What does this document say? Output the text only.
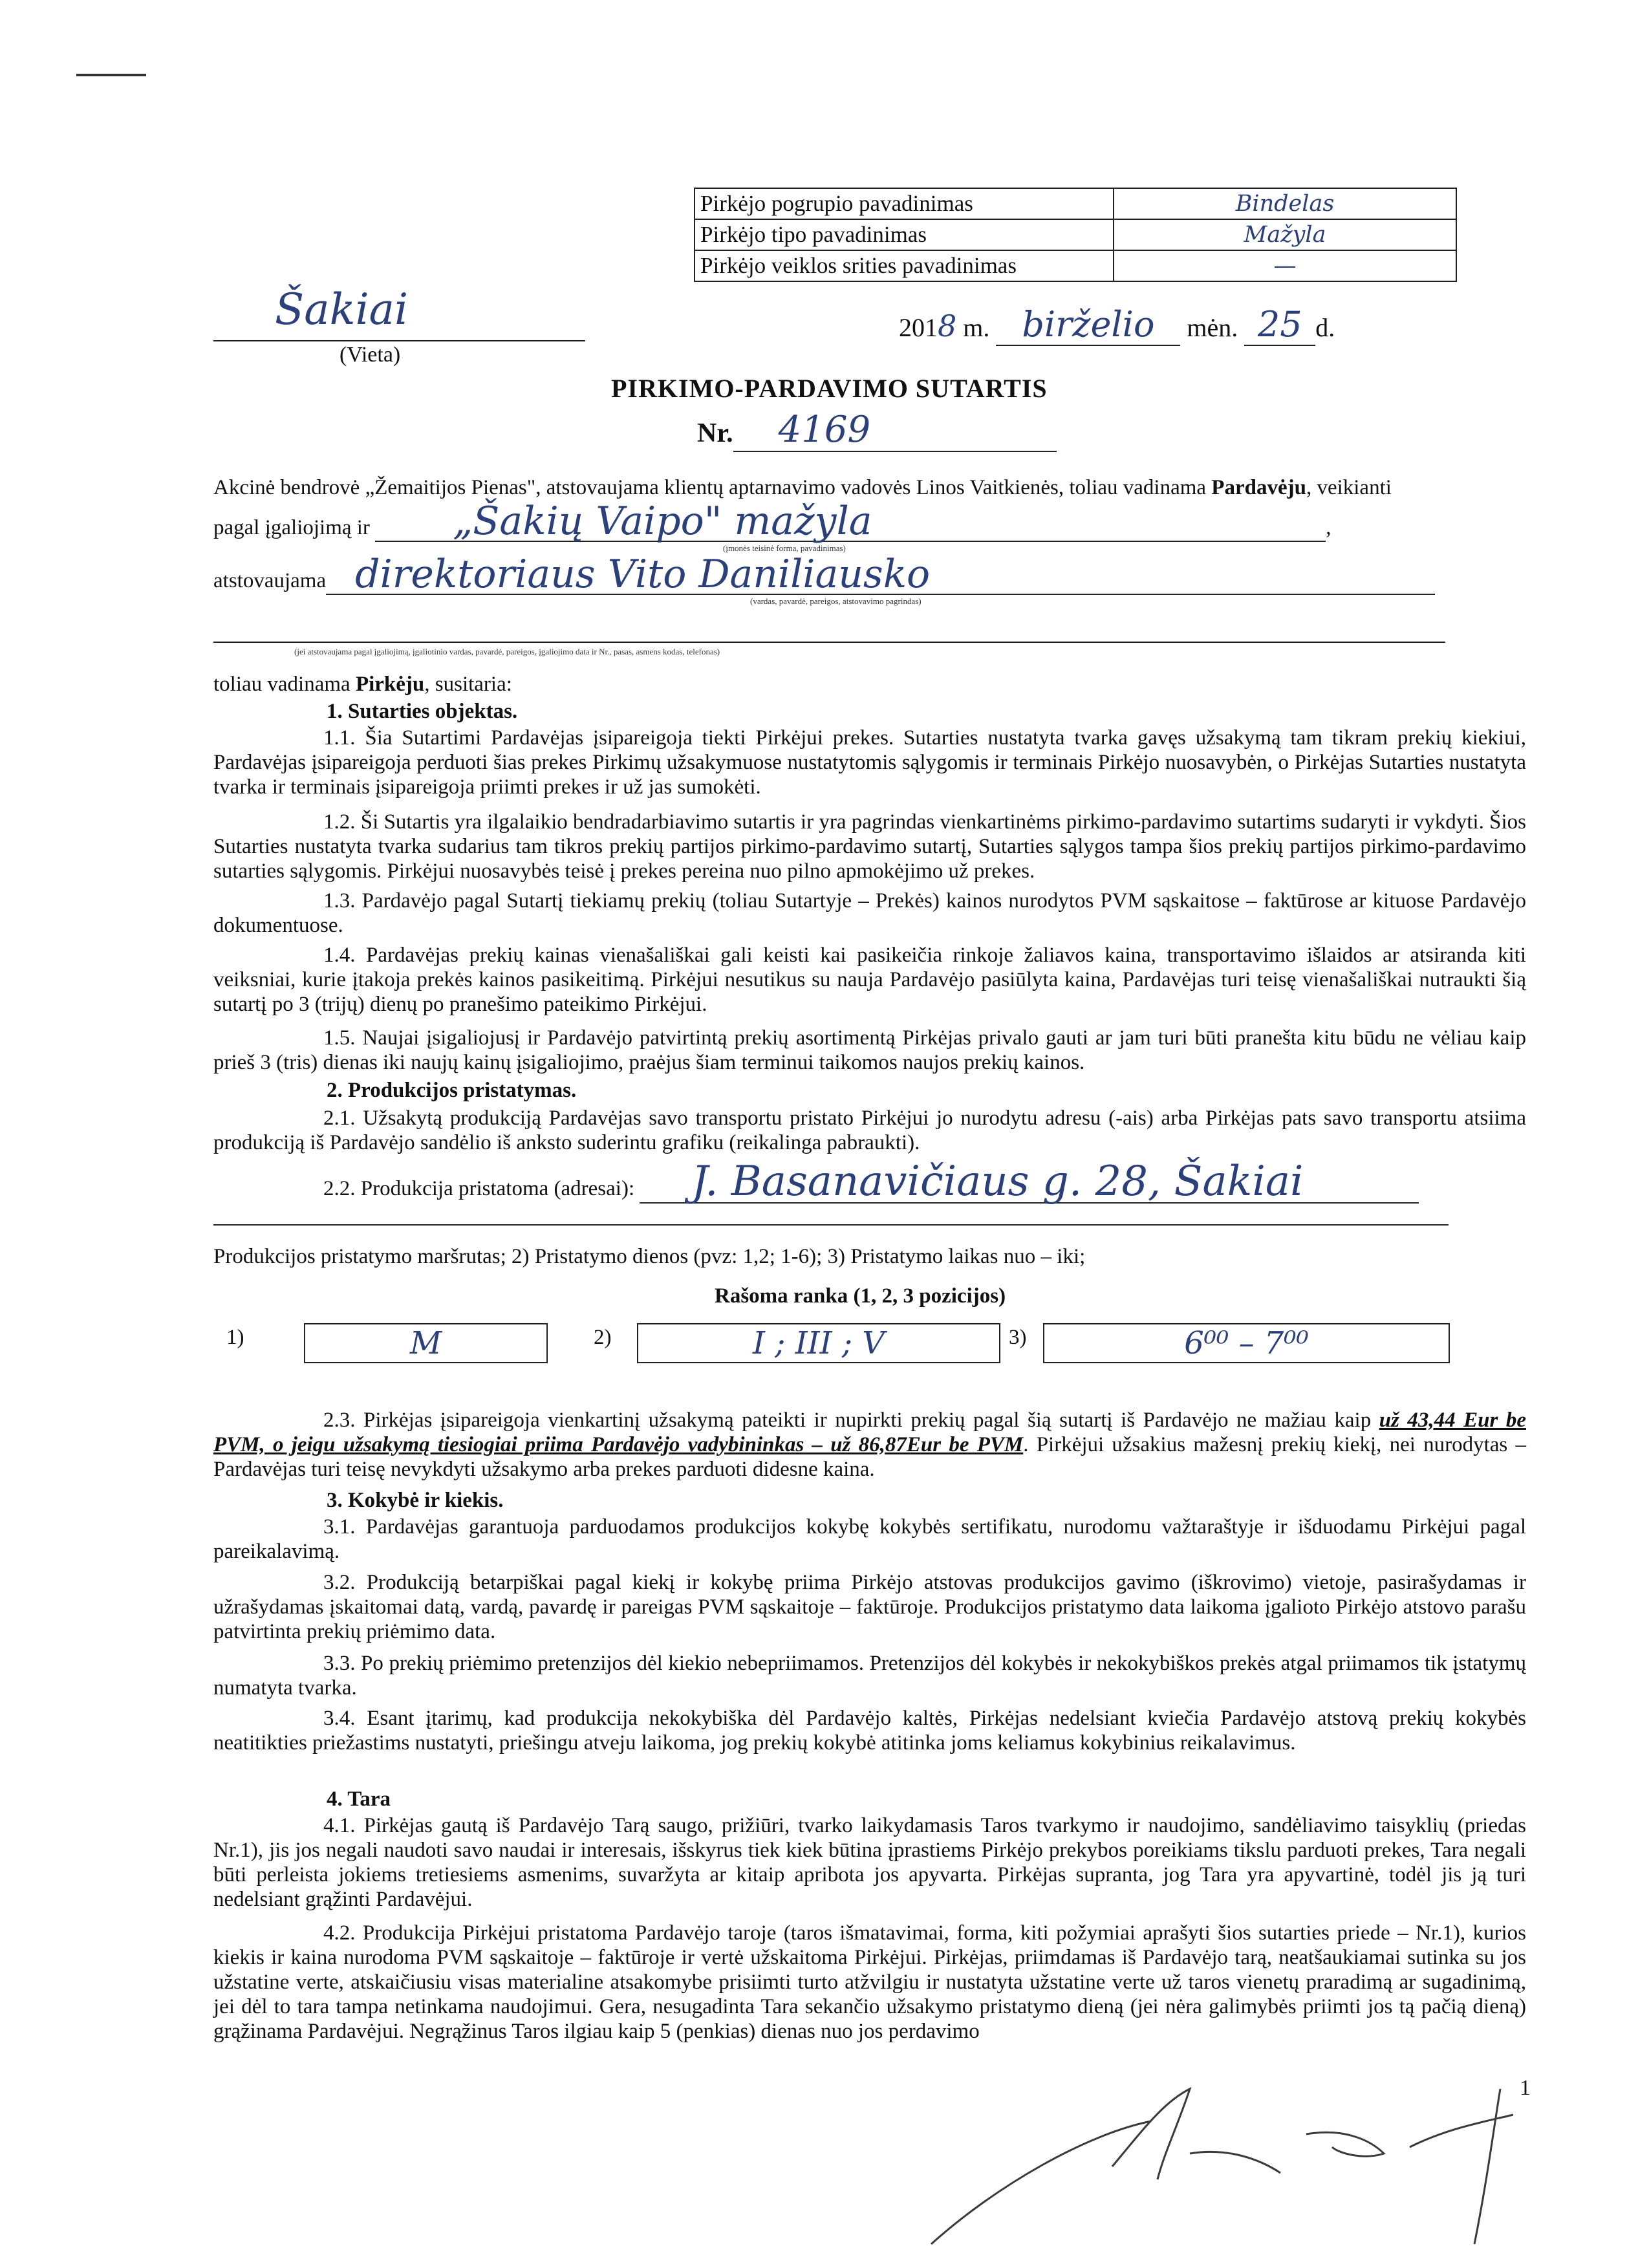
Pirkėjo pogrupio pavadinimas	Bindelas
Pirkėjo tipo pavadinimas	Mažyla
Pirkėjo veiklos srities pavadinimas	—
Šakiai
(Vieta)
2018 m. birželio mėn. 25 d.
PIRKIMO-PARDAVIMO SUTARTIS
Nr. 4169
Akcinė bendrovė „Žemaitijos Pienas", atstovaujama klientų aptarnavimo vadovės Linos Vaitkienės, toliau vadinama Pardavėju, veikianti
pagal įgaliojimą ir „Šakių Vaipo" mažyla	,
(įmonės teisinė forma, pavadinimas)
atstovaujama direktoriaus Vito Daniliausko
(vardas, pavardė, pareigos, atstovavimo pagrindas)
(jei atstovaujama pagal įgaliojimą, įgaliotinio vardas, pavardė, pareigos, įgaliojimo data ir Nr., pasas, asmens kodas, telefonas)
toliau vadinama Pirkėju, susitaria:
1. Sutarties objektas.
1.1. Šia Sutartimi Pardavėjas įsipareigoja tiekti Pirkėjui prekes. Sutarties nustatyta tvarka gavęs užsakymą tam tikram prekių kiekiui, Pardavėjas įsipareigoja perduoti šias prekes Pirkimų užsakymuose nustatytomis sąlygomis ir terminais Pirkėjo nuosavybėn, o Pirkėjas Sutarties nustatyta tvarka ir terminais įsipareigoja priimti prekes ir už jas sumokėti.
1.2. Ši Sutartis yra ilgalaikio bendradarbiavimo sutartis ir yra pagrindas vienkartinėms pirkimo-pardavimo sutartims sudaryti ir vykdyti. Šios Sutarties nustatyta tvarka sudarius tam tikros prekių partijos pirkimo-pardavimo sutartį, Sutarties sąlygos tampa šios prekių partijos pirkimo-pardavimo sutarties sąlygomis. Pirkėjui nuosavybės teisė į prekes pereina nuo pilno apmokėjimo už prekes.
1.3. Pardavėjo pagal Sutartį tiekiamų prekių (toliau Sutartyje – Prekės) kainos nurodytos PVM sąskaitose – faktūrose ar kituose Pardavėjo dokumentuose.
1.4. Pardavėjas prekių kainas vienašališkai gali keisti kai pasikeičia rinkoje žaliavos kaina, transportavimo išlaidos ar atsiranda kiti veiksniai, kurie įtakoja prekės kainos pasikeitimą. Pirkėjui nesutikus su nauja Pardavėjo pasiūlyta kaina, Pardavėjas turi teisę vienašališkai nutraukti šią sutartį po 3 (trijų) dienų po pranešimo pateikimo Pirkėjui.
1.5. Naujai įsigaliojusį ir Pardavėjo patvirtintą prekių asortimentą Pirkėjas privalo gauti ar jam turi būti pranešta kitu būdu ne vėliau kaip prieš 3 (tris) dienas iki naujų kainų įsigaliojimo, praėjus šiam terminui taikomos naujos prekių kainos.
2. Produkcijos pristatymas.
2.1. Užsakytą produkciją Pardavėjas savo transportu pristato Pirkėjui jo nurodytu adresu (-ais) arba Pirkėjas pats savo transportu atsiima produkciją iš Pardavėjo sandėlio iš anksto suderintu grafiku (reikalinga pabraukti).
2.2. Produkcija pristatoma (adresai): J. Basanavičiaus g. 28, Šakiai
Produkcijos pristatymo maršrutas; 2) Pristatymo dienos (pvz: 1,2; 1-6); 3) Pristatymo laikas nuo – iki;
Rašoma ranka (1, 2, 3 pozicijos)
1)	M	2)	I ; III ; V	3)	6⁰⁰ – 7⁰⁰
2.3. Pirkėjas įsipareigoja vienkartinį užsakymą pateikti ir nupirkti prekių pagal šią sutartį iš Pardavėjo ne mažiau kaip už 43,44 Eur be PVM, o jeigu užsakymą tiesiogiai priima Pardavėjo vadybininkas – už 86,87Eur be PVM. Pirkėjui užsakius mažesnį prekių kiekį, nei nurodytas – Pardavėjas turi teisę nevykdyti užsakymo arba prekes parduoti didesne kaina.
3. Kokybė ir kiekis.
3.1. Pardavėjas garantuoja parduodamos produkcijos kokybę kokybės sertifikatu, nurodomu važtaraštyje ir išduodamu Pirkėjui pagal pareikalavimą.
3.2. Produkciją betarpiškai pagal kiekį ir kokybę priima Pirkėjo atstovas produkcijos gavimo (iškrovimo) vietoje, pasirašydamas ir užrašydamas įskaitomai datą, vardą, pavardę ir pareigas PVM sąskaitoje – faktūroje. Produkcijos pristatymo data laikoma įgalioto Pirkėjo atstovo parašu patvirtinta prekių priėmimo data.
3.3. Po prekių priėmimo pretenzijos dėl kiekio nebepriimamos. Pretenzijos dėl kokybės ir nekokybiškos prekės atgal priimamos tik įstatymų numatyta tvarka.
3.4. Esant įtarimų, kad produkcija nekokybiška dėl Pardavėjo kaltės, Pirkėjas nedelsiant kviečia Pardavėjo atstovą prekių kokybės neatitikties priežastims nustatyti, priešingu atveju laikoma, jog prekių kokybė atitinka joms keliamus kokybinius reikalavimus.
4. Tara
4.1. Pirkėjas gautą iš Pardavėjo Tarą saugo, prižiūri, tvarko laikydamasis Taros tvarkymo ir naudojimo, sandėliavimo taisyklių (priedas Nr.1), jis jos negali naudoti savo naudai ir interesais, išskyrus tiek kiek būtina įprastiems Pirkėjo prekybos poreikiams tikslu parduoti prekes, Tara negali būti perleista jokiems tretiesiems asmenims, suvaržyta ar kitaip apribota jos apyvarta. Pirkėjas supranta, jog Tara yra apyvartinė, todėl jis ją turi nedelsiant grąžinti Pardavėjui.
4.2. Produkcija Pirkėjui pristatoma Pardavėjo taroje (taros išmatavimai, forma, kiti požymiai aprašyti šios sutarties priede – Nr.1), kurios kiekis ir kaina nurodoma PVM sąskaitoje – faktūroje ir vertė užskaitoma Pirkėjui. Pirkėjas, priimdamas iš Pardavėjo tarą, neatšaukiamai sutinka su jos užstatine verte, atskaičiusiu visas materialine atsakomybe prisiimti turto atžvilgiu ir nustatyta užstatine verte už taros vienetų praradimą ar sugadinimą, jei dėl to tara tampa netinkama naudojimui. Gera, nesugadinta Tara sekančio užsakymo pristatymo dieną (jei nėra galimybės priimti jos tą pačią dieną) grąžinama Pardavėjui. Negrąžinus Taros ilgiau kaip 5 (penkias) dienas nuo jos perdavimo
1
